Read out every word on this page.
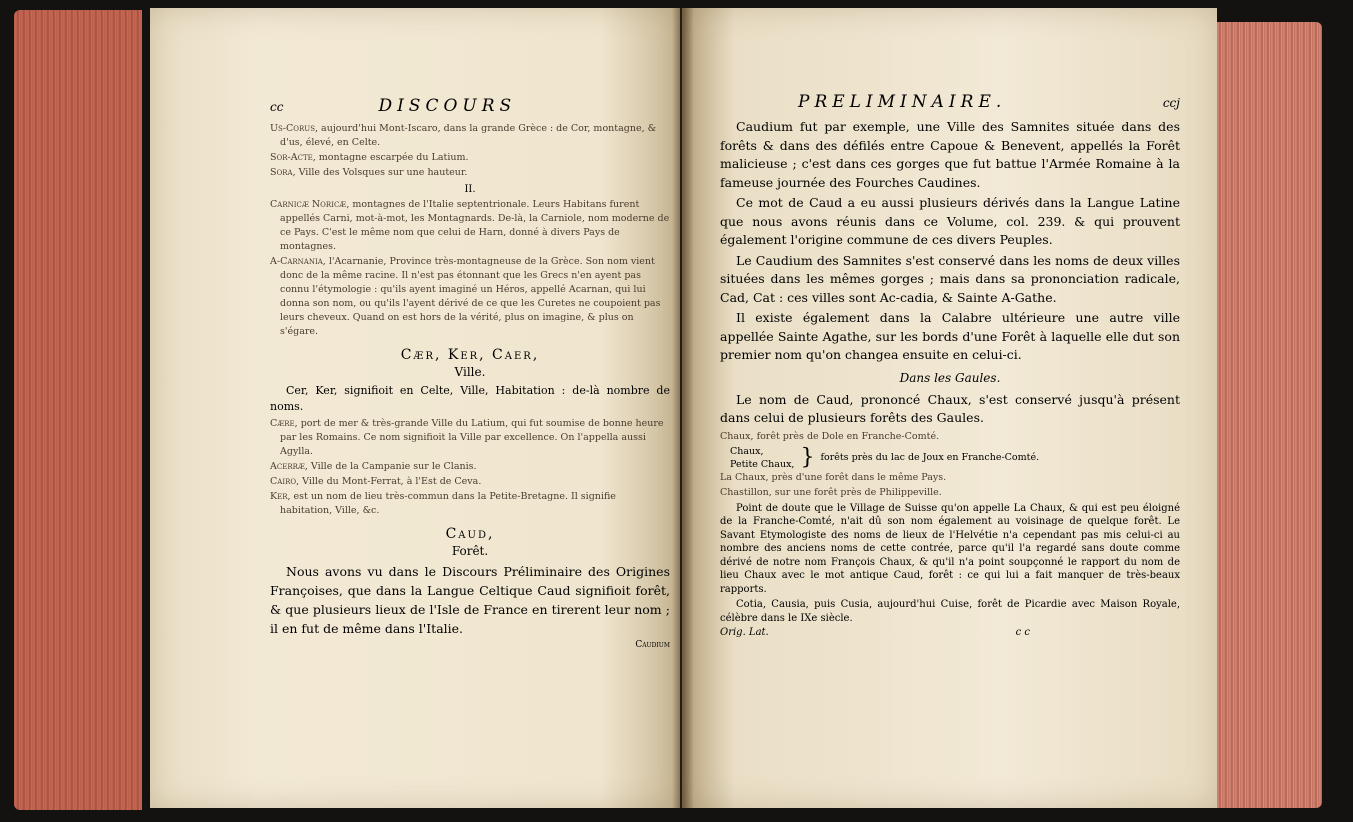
cc	DISCOURS

Us-Corus, aujourd'hui Mont-Iscaro, dans la grande Grèce : de Cor, montagne, & d'us, élevé, en Celte.

Sor-Acte, montagne escarpée du Latium.

Sora, Ville des Volsques sur une hauteur.

II.

Carnicæ Noricæ, montagnes de l'Italie septentrionale. Leurs Habitans furent appellés Carni, mot-à-mot, les Montagnards. De-là, la Carniole, nom moderne de ce Pays. C'est le même nom que celui de Harn, donné à divers Pays de montagnes.

A-Carnania, l'Acarnanie, Province très-montagneuse de la Grèce. Son nom vient donc de la même racine. Il n'est pas étonnant que les Grecs n'en ayent pas connu l'étymologie : qu'ils ayent imaginé un Héros, appellé Acarnan, qui lui donna son nom, ou qu'ils l'ayent dérivé de ce que les Curetes ne coupoient pas leurs cheveux. Quand on est hors de la vérité, plus on imagine, & plus on s'égare.

Cær, Ker, Caer,
Ville.

Cer, Ker, signifioit en Celte, Ville, Habitation : de-là nombre de noms.

Cære, port de mer & très-grande Ville du Latium, qui fut soumise de bonne heure par les Romains. Ce nom signifioit la Ville par excellence. On l'appella aussi Agylla.

Acerræ, Ville de la Campanie sur le Clanis.

Cairo, Ville du Mont-Ferrat, à l'Est de Ceva.

Ker, est un nom de lieu très-commun dans la Petite-Bretagne. Il signifie habitation, Ville, &c.

Caud,
Forêt.

Nous avons vu dans le Discours Préliminaire des Origines Françoises, que dans la Langue Celtique Caud signifioit forêt, & que plusieurs lieux de l'Isle de France en tirerent leur nom ; il en fut de même dans l'Italie.

Caudium
PRELIMINAIRE.	ccj

Caudium fut par exemple, une Ville des Samnites située dans des forêts & dans des défilés entre Capoue & Benevent, appellés la Forêt malicieuse ; c'est dans ces gorges que fut battue l'Armée Romaine à la fameuse journée des Fourches Caudines.

Ce mot de Caud a eu aussi plusieurs dérivés dans la Langue Latine que nous avons réunis dans ce Volume, col. 239. & qui prouvent également l'origine commune de ces divers Peuples.

Le Caudium des Samnites s'est conservé dans les noms de deux villes situées dans les mêmes gorges ; mais dans sa prononciation radicale, Cad, Cat : ces villes sont Ac-cadia, & Sainte A-Gathe.

Il existe également dans la Calabre ultérieure une autre ville appellée Sainte Agathe, sur les bords d'une Forêt à laquelle elle dut son premier nom qu'on changea ensuite en celui-ci.

Dans les Gaules.

Le nom de Caud, prononcé Chaux, s'est conservé jusqu'à présent dans celui de plusieurs forêts des Gaules.

Chaux, forêt près de Dole en Franche-Comté.

Chaux,
Petite Chaux, } forêts près du lac de Joux en Franche-Comté.

La Chaux, près d'une forêt dans le même Pays.

Chastillon, sur une forêt près de Philippeville.

Point de doute que le Village de Suisse qu'on appelle La Chaux, & qui est peu éloigné de la Franche-Comté, n'ait dû son nom également au voisinage de quelque forêt. Le Savant Etymologiste des noms de lieux de l'Helvétie n'a cependant pas mis celui-ci au nombre des anciens noms de cette contrée, parce qu'il l'a regardé sans doute comme dérivé de notre nom François Chaux, & qu'il n'a point soupçonné le rapport du nom de lieu Chaux avec le mot antique Caud, forêt : ce qui lui a fait manquer de très-beaux rapports.

Cotia, Causia, puis Cusia, aujourd'hui Cuise, forêt de Picardie avec Maison Royale, célèbre dans le IXe siècle.

Orig. Lat.	c c
